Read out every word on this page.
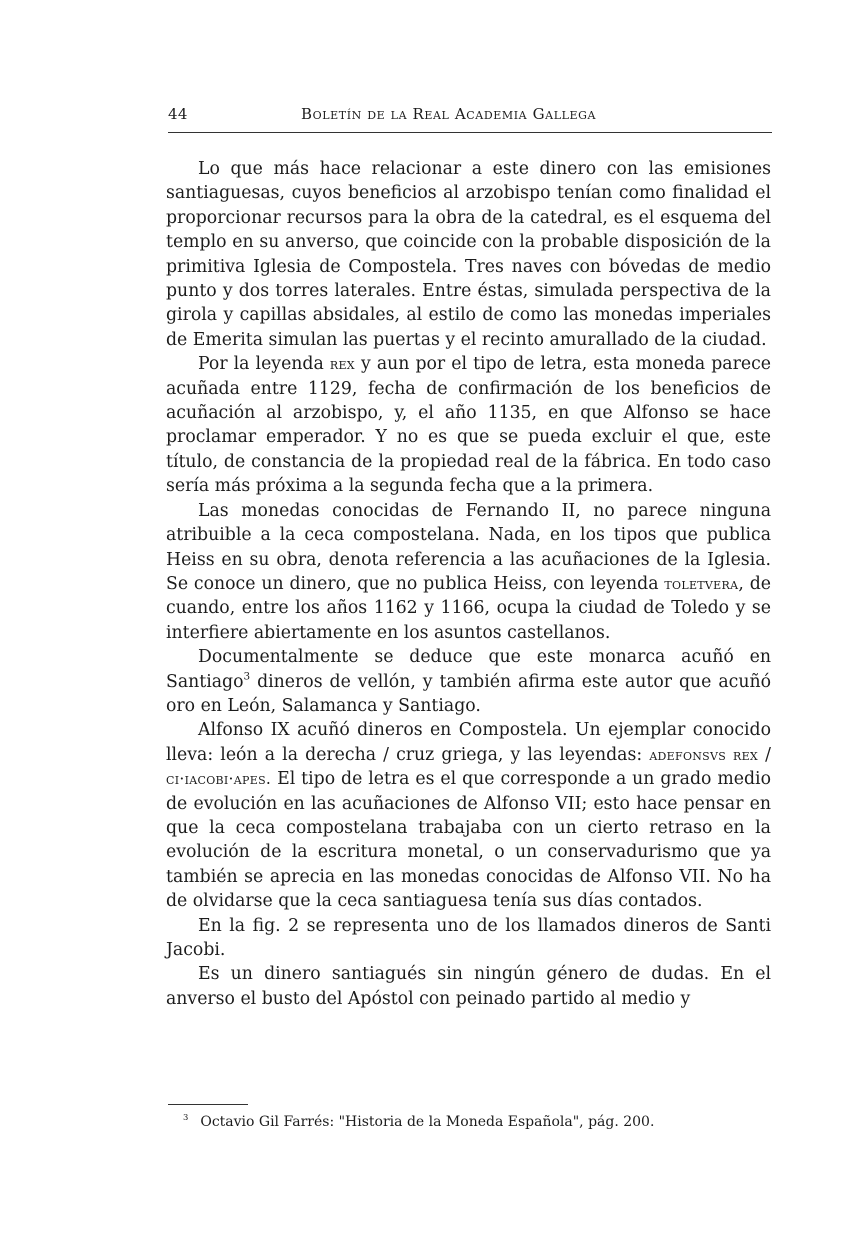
44	Boletín de la Real Academia Gallega

Lo que más hace relacionar a este dinero con las emisiones santiaguesas, cuyos beneficios al arzobispo tenían como finalidad el proporcionar recursos para la obra de la catedral, es el esquema del templo en su anverso, que coincide con la probable disposición de la primitiva Iglesia de Compostela. Tres naves con bóvedas de medio punto y dos torres laterales. Entre éstas, simulada perspectiva de la girola y capillas absidales, al estilo de como las monedas imperiales de Emerita simulan las puertas y el recinto amurallado de la ciudad.

Por la leyenda rex y aun por el tipo de letra, esta moneda parece acuñada entre 1129, fecha de confirmación de los beneficios de acuñación al arzobispo, y, el año 1135, en que Alfonso se hace proclamar emperador. Y no es que se pueda excluir el que, este título, de constancia de la propiedad real de la fábrica. En todo caso sería más próxima a la segunda fecha que a la primera.

Las monedas conocidas de Fernando II, no parece ninguna atribuible a la ceca compostelana. Nada, en los tipos que publica Heiss en su obra, denota referencia a las acuñaciones de la Iglesia. Se conoce un dinero, que no publica Heiss, con leyenda toletvera, de cuando, entre los años 1162 y 1166, ocupa la ciudad de Toledo y se interfiere abiertamente en los asuntos castellanos.

Documentalmente se deduce que este monarca acuñó en Santiago$^3$ dineros de vellón, y también afirma este autor que acuñó oro en León, Salamanca y Santiago.

Alfonso IX acuñó dineros en Compostela. Un ejemplar conocido lleva: león a la derecha / cruz griega, y las leyendas: adefonsvs rex / ci·iacobi·apes. El tipo de letra es el que corresponde a un grado medio de evolución en las acuñaciones de Alfonso VII; esto hace pensar en que la ceca compostelana trabajaba con un cierto retraso en la evolución de la escritura monetal, o un conservadurismo que ya también se aprecia en las monedas conocidas de Alfonso VII. No ha de olvidarse que la ceca santiaguesa tenía sus días contados.

En la fig. 2 se representa uno de los llamados dineros de Santi Jacobi.

Es un dinero santiagués sin ningún género de dudas. En el anverso el busto del Apóstol con peinado partido al medio y

$^3$ Octavio Gil Farrés: "Historia de la Moneda Española", pág. 200.
